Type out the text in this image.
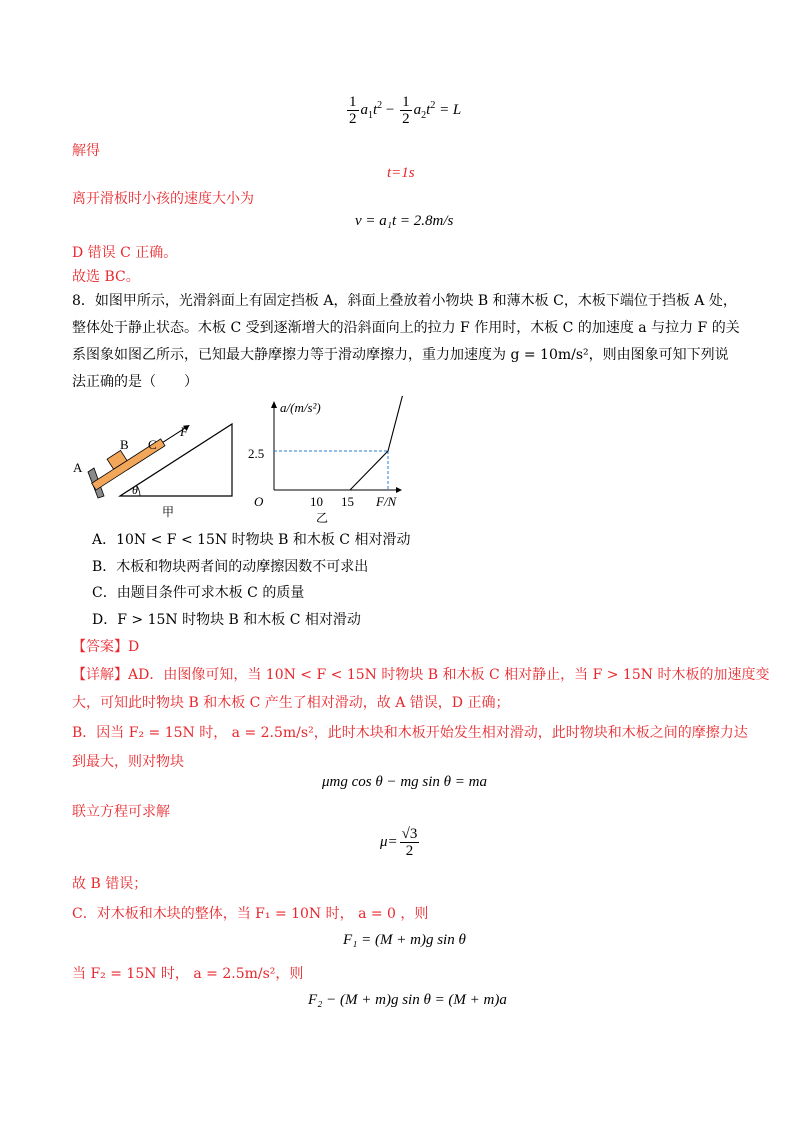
$\frac{1}{2} a_1t^2 - \frac{1}{2} a_2t^2 = L$
解得
t=1s
离开滑板时小孩的速度大小为
v = a₁t = 2.8m/s
D 错误 C 正确。
故选 BC。
8．如图甲所示，光滑斜面上有固定挡板 A，斜面上叠放着小物块 B 和薄木板 C，木板下端位于挡板 A 处，
整体处于静止状态。木板 C 受到逐渐增大的沿斜面向上的拉力 F 作用时，木板 C 的加速度 a 与拉力 F 的关
系图象如图乙所示，已知最大静摩擦力等于滑动摩擦力，重力加速度为 g = 10m/s²，则由图象可知下列说
法正确的是（　　）
A
B C
F
θ
甲
a/(m/s²)
F/N
O
2.5
10 15
乙
A．10N < F < 15N 时物块 B 和木板 C 相对滑动
B．木板和物块两者间的动摩擦因数不可求出
C．由题目条件可求木板 C 的质量
D．F > 15N 时物块 B 和木板 C 相对滑动
【答案】D
【详解】AD．由图像可知，当 10N < F < 15N 时物块 B 和木板 C 相对静止，当 F > 15N 时木板的加速度变
大，可知此时物块 B 和木板 C 产生了相对滑动，故 A 错误，D 正确；
B．因当 F₂ = 15N 时， a = 2.5m/s²，此时木块和木板开始发生相对滑动，此时物块和木板之间的摩擦力达
到最大，则对物块
μmg cos θ − mg sin θ = ma
联立方程可求解
$\mu= \frac{√3}{2}$
故 B 错误；
C．对木板和木块的整体，当 F₁ = 10N 时， a = 0 ，则
F₁ = (M + m)g sin θ
当 F₂ = 15N 时， a = 2.5m/s²，则
F₂ − (M + m)g sin θ = (M + m)a
